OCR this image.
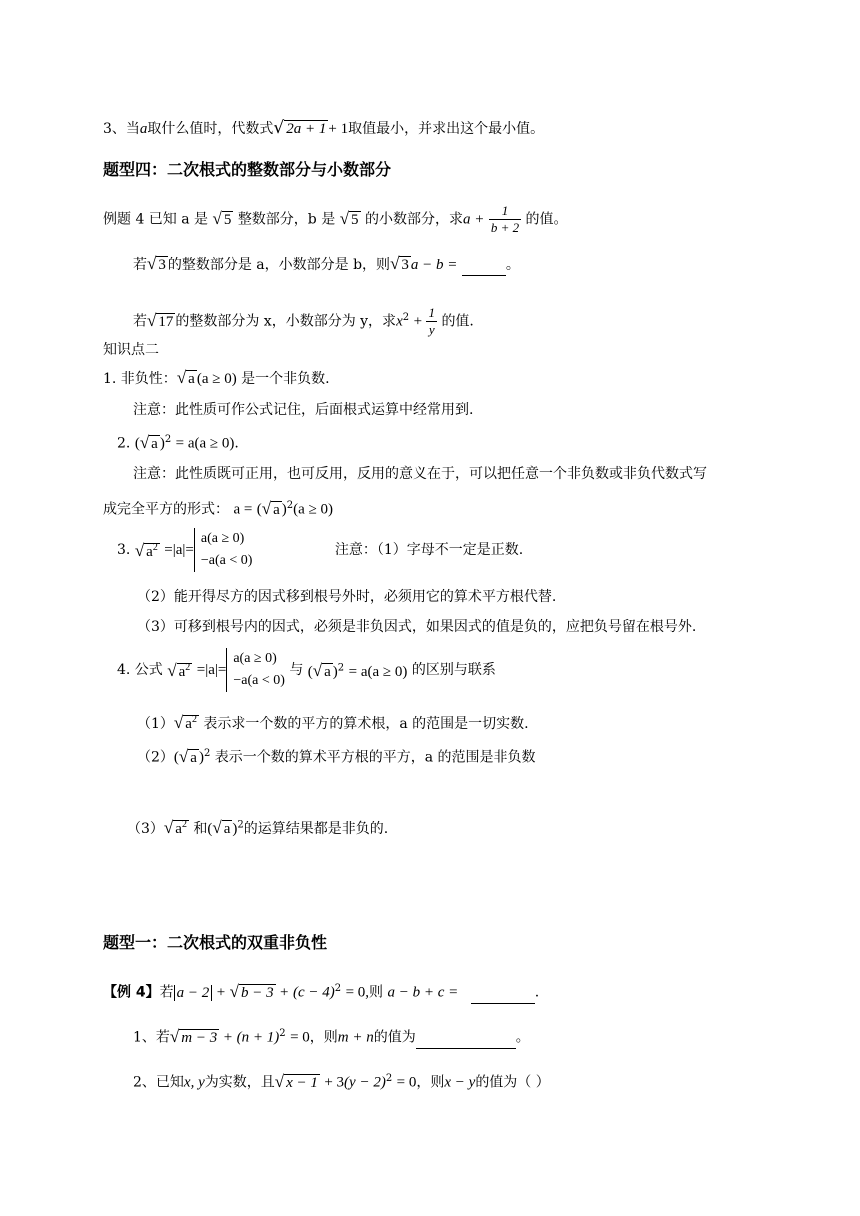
3、当a取什么值时，代数式√ 2a + 1 + 1取值最小，并求出这个最小值。
题型四：二次根式的整数部分与小数部分
例题 4 已知 a 是 √ 5 整数部分，b 是 √ 5 的小数部分，求$a + \frac{1}{b + 2}$ 的值。
若√ 3 的整数部分是 a，小数部分是 b，则√ 3 a − b =	。
若√ 17 的整数部分为 x，小数部分为 y，求$x^2 + \frac{1}{y}$ 的值.
知识点二
1. 非负性：√ a (a ≥ 0) 是一个非负数.
注意：此性质可作公式记住，后面根式运算中经常用到.
2. (√ a )$^2$ = a(a ≥ 0).
注意：此性质既可正用，也可反用，反用的意义在于，可以把任意一个非负数或非负代数式写
成完全平方的形式： a = (√ a )$^2$(a ≥ 0)
3. √ $a^2 =|a|=$
a(a ≥ 0)
−a(a < 0)
注意：（1）字母不一定是正数.
（2）能开得尽方的因式移到根号外时，必须用它的算术平方根代替.
（3）可移到根号内的因式，必须是非负因式，如果因式的值是负的，应把负号留在根号外.
4. 公式 √ $a^2 =|a|=$
a(a ≥ 0)
−a(a < 0)
与 (√ a )$^2$ = a(a ≥ 0) 的区别与联系
（1）√ $a^2$ 表示求一个数的平方的算术根，a 的范围是一切实数.
（2）(√ a )$^2$ 表示一个数的算术平方根的平方，a 的范围是非负数
（3）√ $a^2$ 和(√ a )$^2$的运算结果都是非负的.
题型一：二次根式的双重非负性
【例 4】若 a − 2 + √ $b - 3 + (c - 4)^2 = 0$,则 a − b + c =	.
1、若√ $m - 3 + (n + 1)^2 = 0$，则m + n的值为	。
2、已知x, y为实数，且√ $x - 1 + 3(y - 2)^2 = 0$，则x − y的值为（ ）
